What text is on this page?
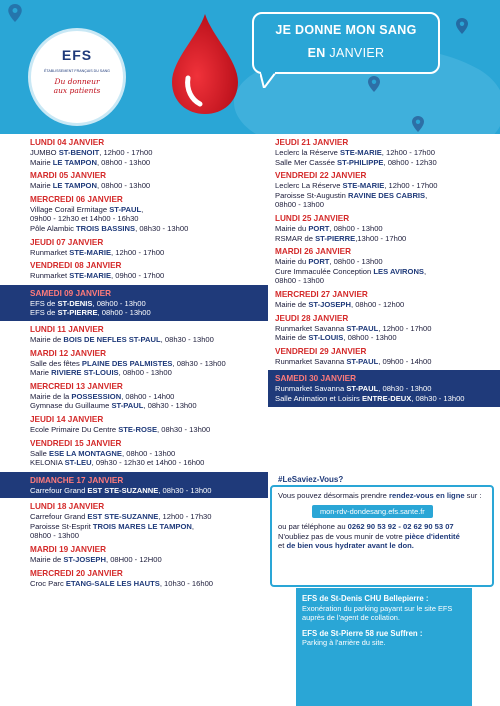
EFS
ÉTABLISSEMENT FRANÇAIS DU SANG
Du donneur
aux patients
JE DONNE MON SANG
EN JANVIER
LUNDI 04 JANVIER
JUMBO ST-BENOIT, 12h00 - 17h00
Mairie LE TAMPON, 08h00 - 13h00
MARDI 05 JANVIER
Mairie LE TAMPON, 08h00 - 13h00
MERCREDI 06 JANVIER
Village Corail Ermitage ST-PAUL,
09h00 - 12h30 et 14h00 - 16h30
Pôle Alambic TROIS BASSINS, 08h30 - 13h00
JEUDI 07 JANVIER
Runmarket STE-MARIE, 12h00 - 17h00
VENDREDI 08 JANVIER
Runmarket STE-MARIE, 09h00 - 17h00
SAMEDI 09 JANVIER
EFS de ST-DENIS, 08h00 - 13h00
EFS de ST-PIERRE, 08h00 - 13h00
LUNDI 11 JANVIER
Mairie de BOIS DE NEFLES ST-PAUL, 08h30 - 13h00
MARDI 12 JANVIER
Salle des fêtes PLAINE DES PALMISTES, 08h30 - 13h00
Marie RIVIERE ST-LOUIS, 08h00 - 13h00
MERCREDI 13 JANVIER
Mairie de la POSSESSION, 08h00 - 14h00
Gymnase du Guillaume ST-PAUL, 08h30 - 13h00
JEUDI 14 JANVIER
Ecole Primaire Du Centre STE-ROSE, 08h30 - 13h00
VENDREDI 15 JANVIER
Salle ESE LA MONTAGNE, 08h00 - 13h00
KELONIA ST-LEU, 09h30 - 12h30 et 14h00 - 16h00
DIMANCHE 17 JANVIER
Carrefour Grand EST STE-SUZANNE, 08h30 - 13h00
LUNDI 18 JANVIER
Carrefour Grand EST STE-SUZANNE, 12h00 - 17h30
Paroisse St-Esprit TROIS MARES LE TAMPON,
08h00 - 13h00
MARDI 19 JANVIER
Mairie de ST-JOSEPH, 08H00 - 12H00
MERCREDI 20 JANVIER
Croc Parc ETANG-SALE LES HAUTS, 10h30 - 16h00
JEUDI 21 JANVIER
Leclerc la Réserve STE-MARIE, 12h00 - 17h00
Salle Mer Cassée ST-PHILIPPE, 08h00 - 12h30
VENDREDI 22 JANVIER
Leclerc La Réserve STE-MARIE, 12h00 - 17h00
Paroisse St-Augustin RAVINE DES CABRIS,
08h00 - 13h00
LUNDI 25 JANVIER
Mairie du PORT, 08h00 - 13h00
RSMAR de ST-PIERRE,13h00 - 17h00
MARDI 26 JANVIER
Mairie du PORT, 08h00 - 13h00
Cure Immaculée Conception LES AVIRONS,
08h00 - 13h00
MERCREDI 27 JANVIER
Mairie de ST-JOSEPH, 08h00 - 12h00
JEUDI 28 JANVIER
Runmarket Savanna ST-PAUL, 12h00 - 17h00
Mairie de ST-LOUIS, 08h00 - 13h00
VENDREDI 29 JANVIER
Runmarket Savanna ST-PAUL, 09h00 - 14h00
SAMEDI 30 JANVIER
Runmarket Savanna ST-PAUL, 08h30 - 13h00
Salle Animation et Loisirs ENTRE-DEUX, 08h30 - 13h00
#LeSaviez-Vous?
Vous pouvez désormais prendre rendez-vous en ligne sur :
mon-rdv-dondesang.efs.sante.fr
ou par téléphone au 0262 90 53 92 - 02 62 90 53 07
N'oubliez pas de vous munir de votre pièce d'identité
et de bien vous hydrater avant le don.
EFS de St-Denis CHU Bellepierre :
Exonération du parking payant sur le site EFS auprès de l'agent de collation.
EFS de St-Pierre 58 rue Suffren :
Parking à l'arrière du site.
